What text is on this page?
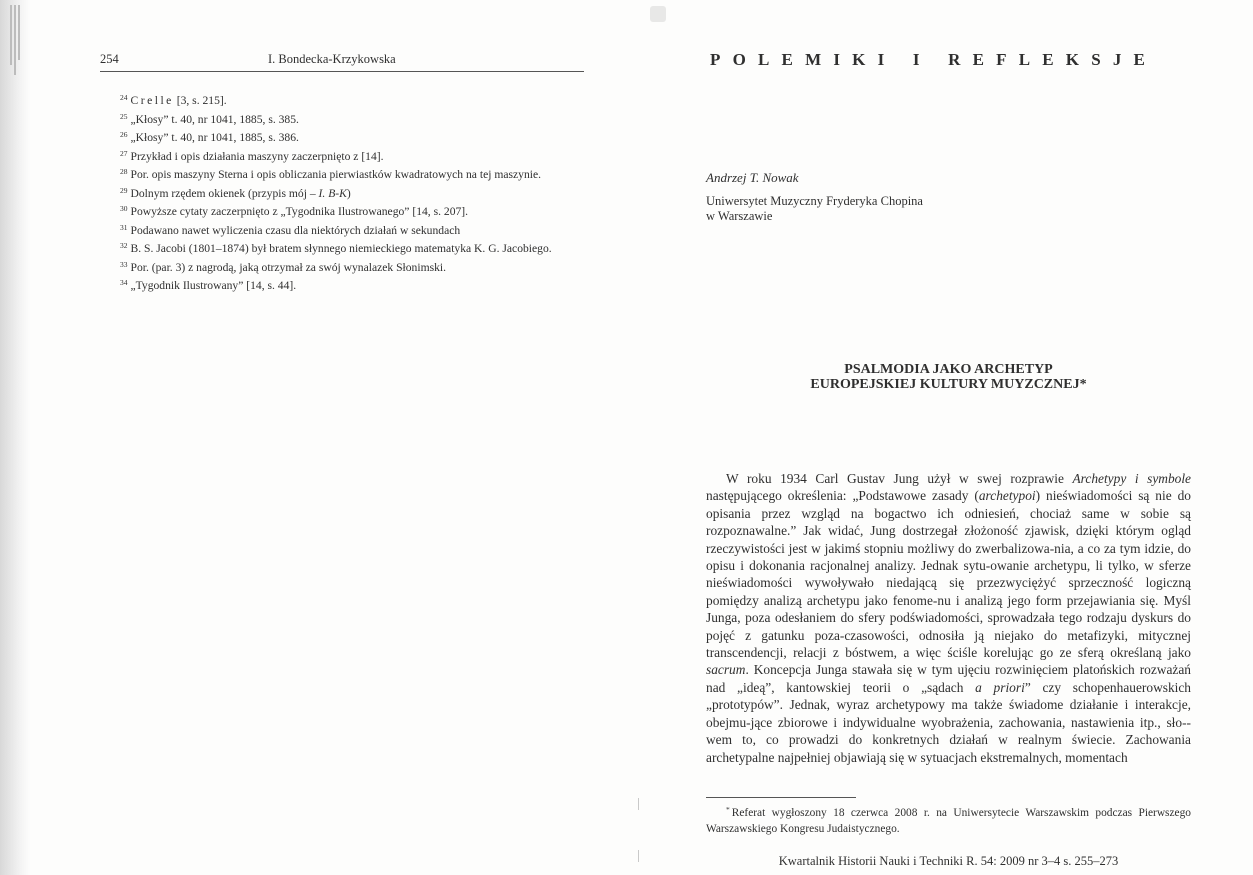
254	I. Bondecka-Krzykowska

$^{24}$ Crelle [3, s. 215].

$^{25}$ „Kłosy” t. 40, nr 1041, 1885, s. 385.

$^{26}$ „Kłosy” t. 40, nr 1041, 1885, s. 386.

$^{27}$ Przykład i opis działania maszyny zaczerpnięto z [14].

$^{28}$ Por. opis maszyny Sterna i opis obliczania pierwiastków kwadratowych na tej maszynie.

$^{29}$ Dolnym rzędem okienek (przypis mój – I. B-K)

$^{30}$ Powyższe cytaty zaczerpnięto z „Tygodnika Ilustrowanego” [14, s. 207].

$^{31}$ Podawano nawet wyliczenia czasu dla niektórych działań w sekundach

$^{32}$ B. S. Jacobi (1801–1874) był bratem słynnego niemieckiego matematyka K. G. Jacobiego.

$^{33}$ Por. (par. 3) z nagrodą, jaką otrzymał za swój wynalazek Słonimski.

$^{34}$ „Tygodnik Ilustrowany” [14, s. 44].

POLEMIKI I REFLEKSJE
Andrzej T. Nowak
Uniwersytet Muzyczny Fryderyka Chopina
w Warszawie
PSALMODIA JAKO ARCHETYP
EUROPEJSKIEJ KULTURY MUYZCZNEJ*

W roku 1934 Carl Gustav Jung użył w swej rozprawie Archetypy i symbole następującego określenia: „Podstawowe zasady (archetypoi) nieświadomości są nie do opisania przez wzgląd na bogactwo ich odniesień, chociaż same w sobie są rozpoznawalne.” Jak widać, Jung dostrzegał złożoność zjawisk, dzięki którym ogląd rzeczywistości jest w jakimś stopniu możliwy do zwerbalizowa-nia, a co za tym idzie, do opisu i dokonania racjonalnej analizy. Jednak sytu-owanie archetypu, li tylko, w sferze nieświadomości wywoływało niedającą się przezwyciężyć sprzeczność logiczną pomiędzy analizą archetypu jako fenome-nu i analizą jego form przejawiania się. Myśl Junga, poza odesłaniem do sfery podświadomości, sprowadzała tego rodzaju dyskurs do pojęć z gatunku poza-czasowości, odnosiła ją niejako do metafizyki, mitycznej transcendencji, relacji z bóstwem, a więc ściśle korelując go ze sferą określaną jako sacrum. Koncepcja Junga stawała się w tym ujęciu rozwinięciem platońskich rozważań nad „ideą”, kantowskiej teorii o „sądach a priori” czy schopenhauerowskich „prototypów”. Jednak, wyraz archetypowy ma także świadome działanie i interakcje, obejmu-jące zbiorowe i indywidualne wyobrażenia, zachowania, nastawienia itp., sło-wem to, co prowadzi do konkretnych działań w realnym świecie. Zachowania archetypalne najpełniej objawiają się w sytuacjach ekstremalnych, momentach

* Referat wygłoszony 18 czerwca 2008 r. na Uniwersytecie Warszawskim podczas Pierwszego Warszawskiego Kongresu Judaistycznego.
Kwartalnik Historii Nauki i Techniki R. 54: 2009 nr 3–4 s. 255–273
